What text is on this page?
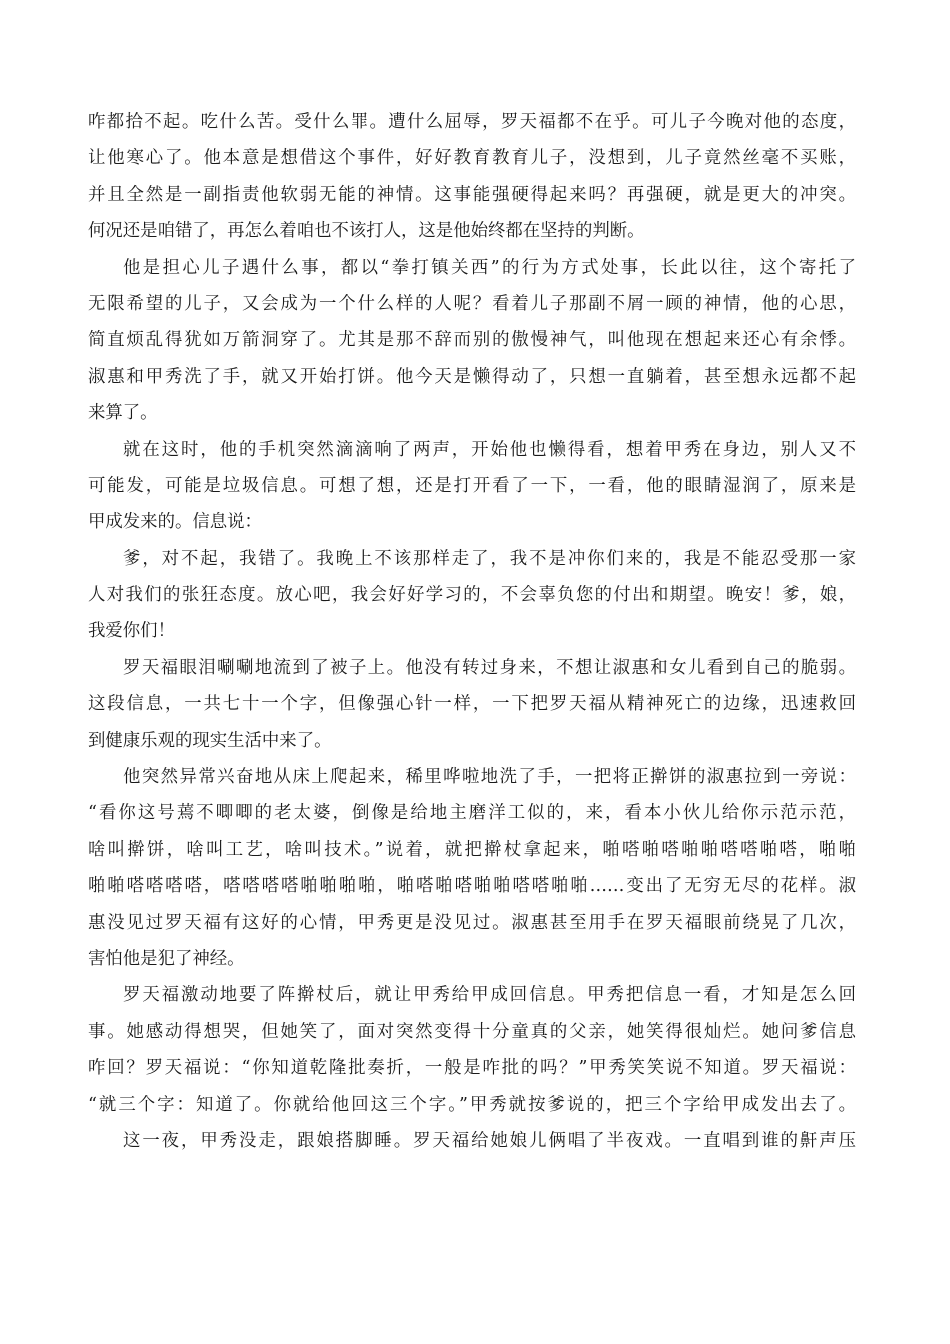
咋都拾不起。吃什么苦。受什么罪。遭什么屈辱，罗天福都不在乎。可儿子今晚对他的态度，
让他寒心了。他本意是想借这个事件，好好教育教育儿子，没想到，儿子竟然丝毫不买账，
并且全然是一副指责他软弱无能的神情。这事能强硬得起来吗？再强硬，就是更大的冲突。
何况还是咱错了，再怎么着咱也不该打人，这是他始终都在坚持的判断。
他是担心儿子遇什么事，都以“拳打镇关西”的行为方式处事，长此以往，这个寄托了
无限希望的儿子，又会成为一个什么样的人呢？看着儿子那副不屑一顾的神情，他的心思，
简直烦乱得犹如万箭洞穿了。尤其是那不辞而别的傲慢神气，叫他现在想起来还心有余悸。
淑惠和甲秀洗了手，就又开始打饼。他今天是懒得动了，只想一直躺着，甚至想永远都不起
来算了。
就在这时，他的手机突然滴滴响了两声，开始他也懒得看，想着甲秀在身边，别人又不
可能发，可能是垃圾信息。可想了想，还是打开看了一下，一看，他的眼睛湿润了，原来是
甲成发来的。信息说：
爹，对不起，我错了。我晚上不该那样走了，我不是冲你们来的，我是不能忍受那一家
人对我们的张狂态度。放心吧，我会好好学习的，不会辜负您的付出和期望。晚安！爹，娘，
我爱你们！
罗天福眼泪唰唰地流到了被子上。他没有转过身来，不想让淑惠和女儿看到自己的脆弱。
这段信息，一共七十一个字，但像强心针一样，一下把罗天福从精神死亡的边缘，迅速救回
到健康乐观的现实生活中来了。
他突然异常兴奋地从床上爬起来，稀里哗啦地洗了手，一把将正擀饼的淑惠拉到一旁说：
“看你这号蔫不唧唧的老太婆，倒像是给地主磨洋工似的，来，看本小伙儿给你示范示范，
啥叫擀饼，啥叫工艺，啥叫技术。”说着，就把擀杖拿起来，啪嗒啪嗒啪啪嗒嗒啪嗒，啪啪
啪啪嗒嗒嗒嗒，嗒嗒嗒嗒啪啪啪啪，啪嗒啪嗒啪啪嗒嗒啪啪……变出了无穷无尽的花样。淑
惠没见过罗天福有这好的心情，甲秀更是没见过。淑惠甚至用手在罗天福眼前绕晃了几次，
害怕他是犯了神经。
罗天福激动地要了阵擀杖后，就让甲秀给甲成回信息。甲秀把信息一看，才知是怎么回
事。她感动得想哭，但她笑了，面对突然变得十分童真的父亲，她笑得很灿烂。她问爹信息
咋回？罗天福说：“你知道乾隆批奏折，一般是咋批的吗？”甲秀笑笑说不知道。罗天福说：
“就三个字：知道了。你就给他回这三个字。”甲秀就按爹说的，把三个字给甲成发出去了。
这一夜，甲秀没走，跟娘搭脚睡。罗天福给她娘儿俩唱了半夜戏。一直唱到谁的鼾声压
